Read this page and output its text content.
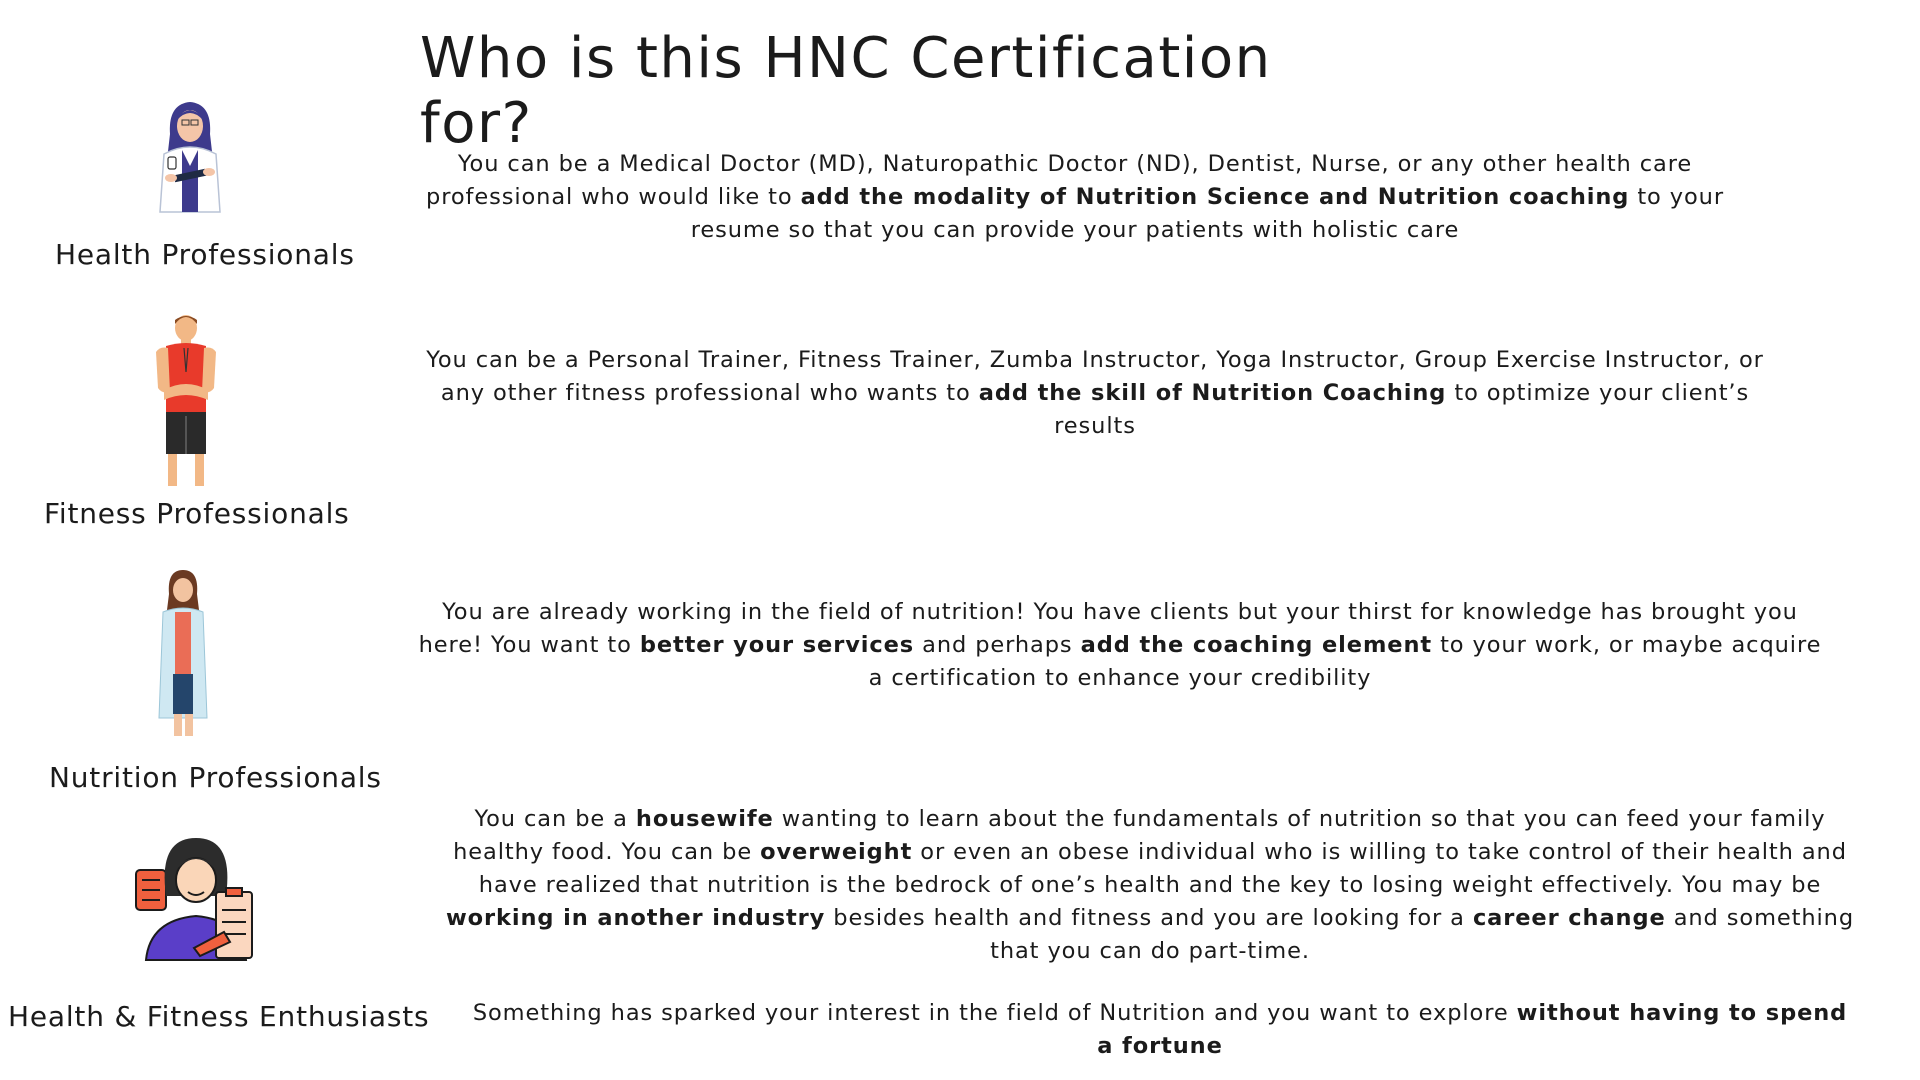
Who is this HNC Certification for?
Health Professionals

You can be a Medical Doctor (MD), Naturopathic Doctor (ND), Dentist, Nurse, or any other health care professional who would like to add the modality of Nutrition Science and Nutrition coaching to your resume so that you can provide your patients with holistic care

Fitness Professionals

You can be a Personal Trainer, Fitness Trainer, Zumba Instructor, Yoga Instructor, Group Exercise Instructor, or any other fitness professional who wants to add the skill of Nutrition Coaching to optimize your client’s results

Nutrition Professionals

You are already working in the field of nutrition! You have clients but your thirst for knowledge has brought you here! You want to better your services and perhaps add the coaching element to your work, or maybe acquire a certification to enhance your credibility

Health & Fitness Enthusiasts

You can be a housewife wanting to learn about the fundamentals of nutrition so that you can feed your family healthy food. You can be overweight or even an obese individual who is willing to take control of their health and have realized that nutrition is the bedrock of one’s health and the key to losing weight effectively. You may be working in another industry besides health and fitness and you are looking for a career change and something that you can do part-time.

Something has sparked your interest in the field of Nutrition and you want to explore without having to spend a fortune
